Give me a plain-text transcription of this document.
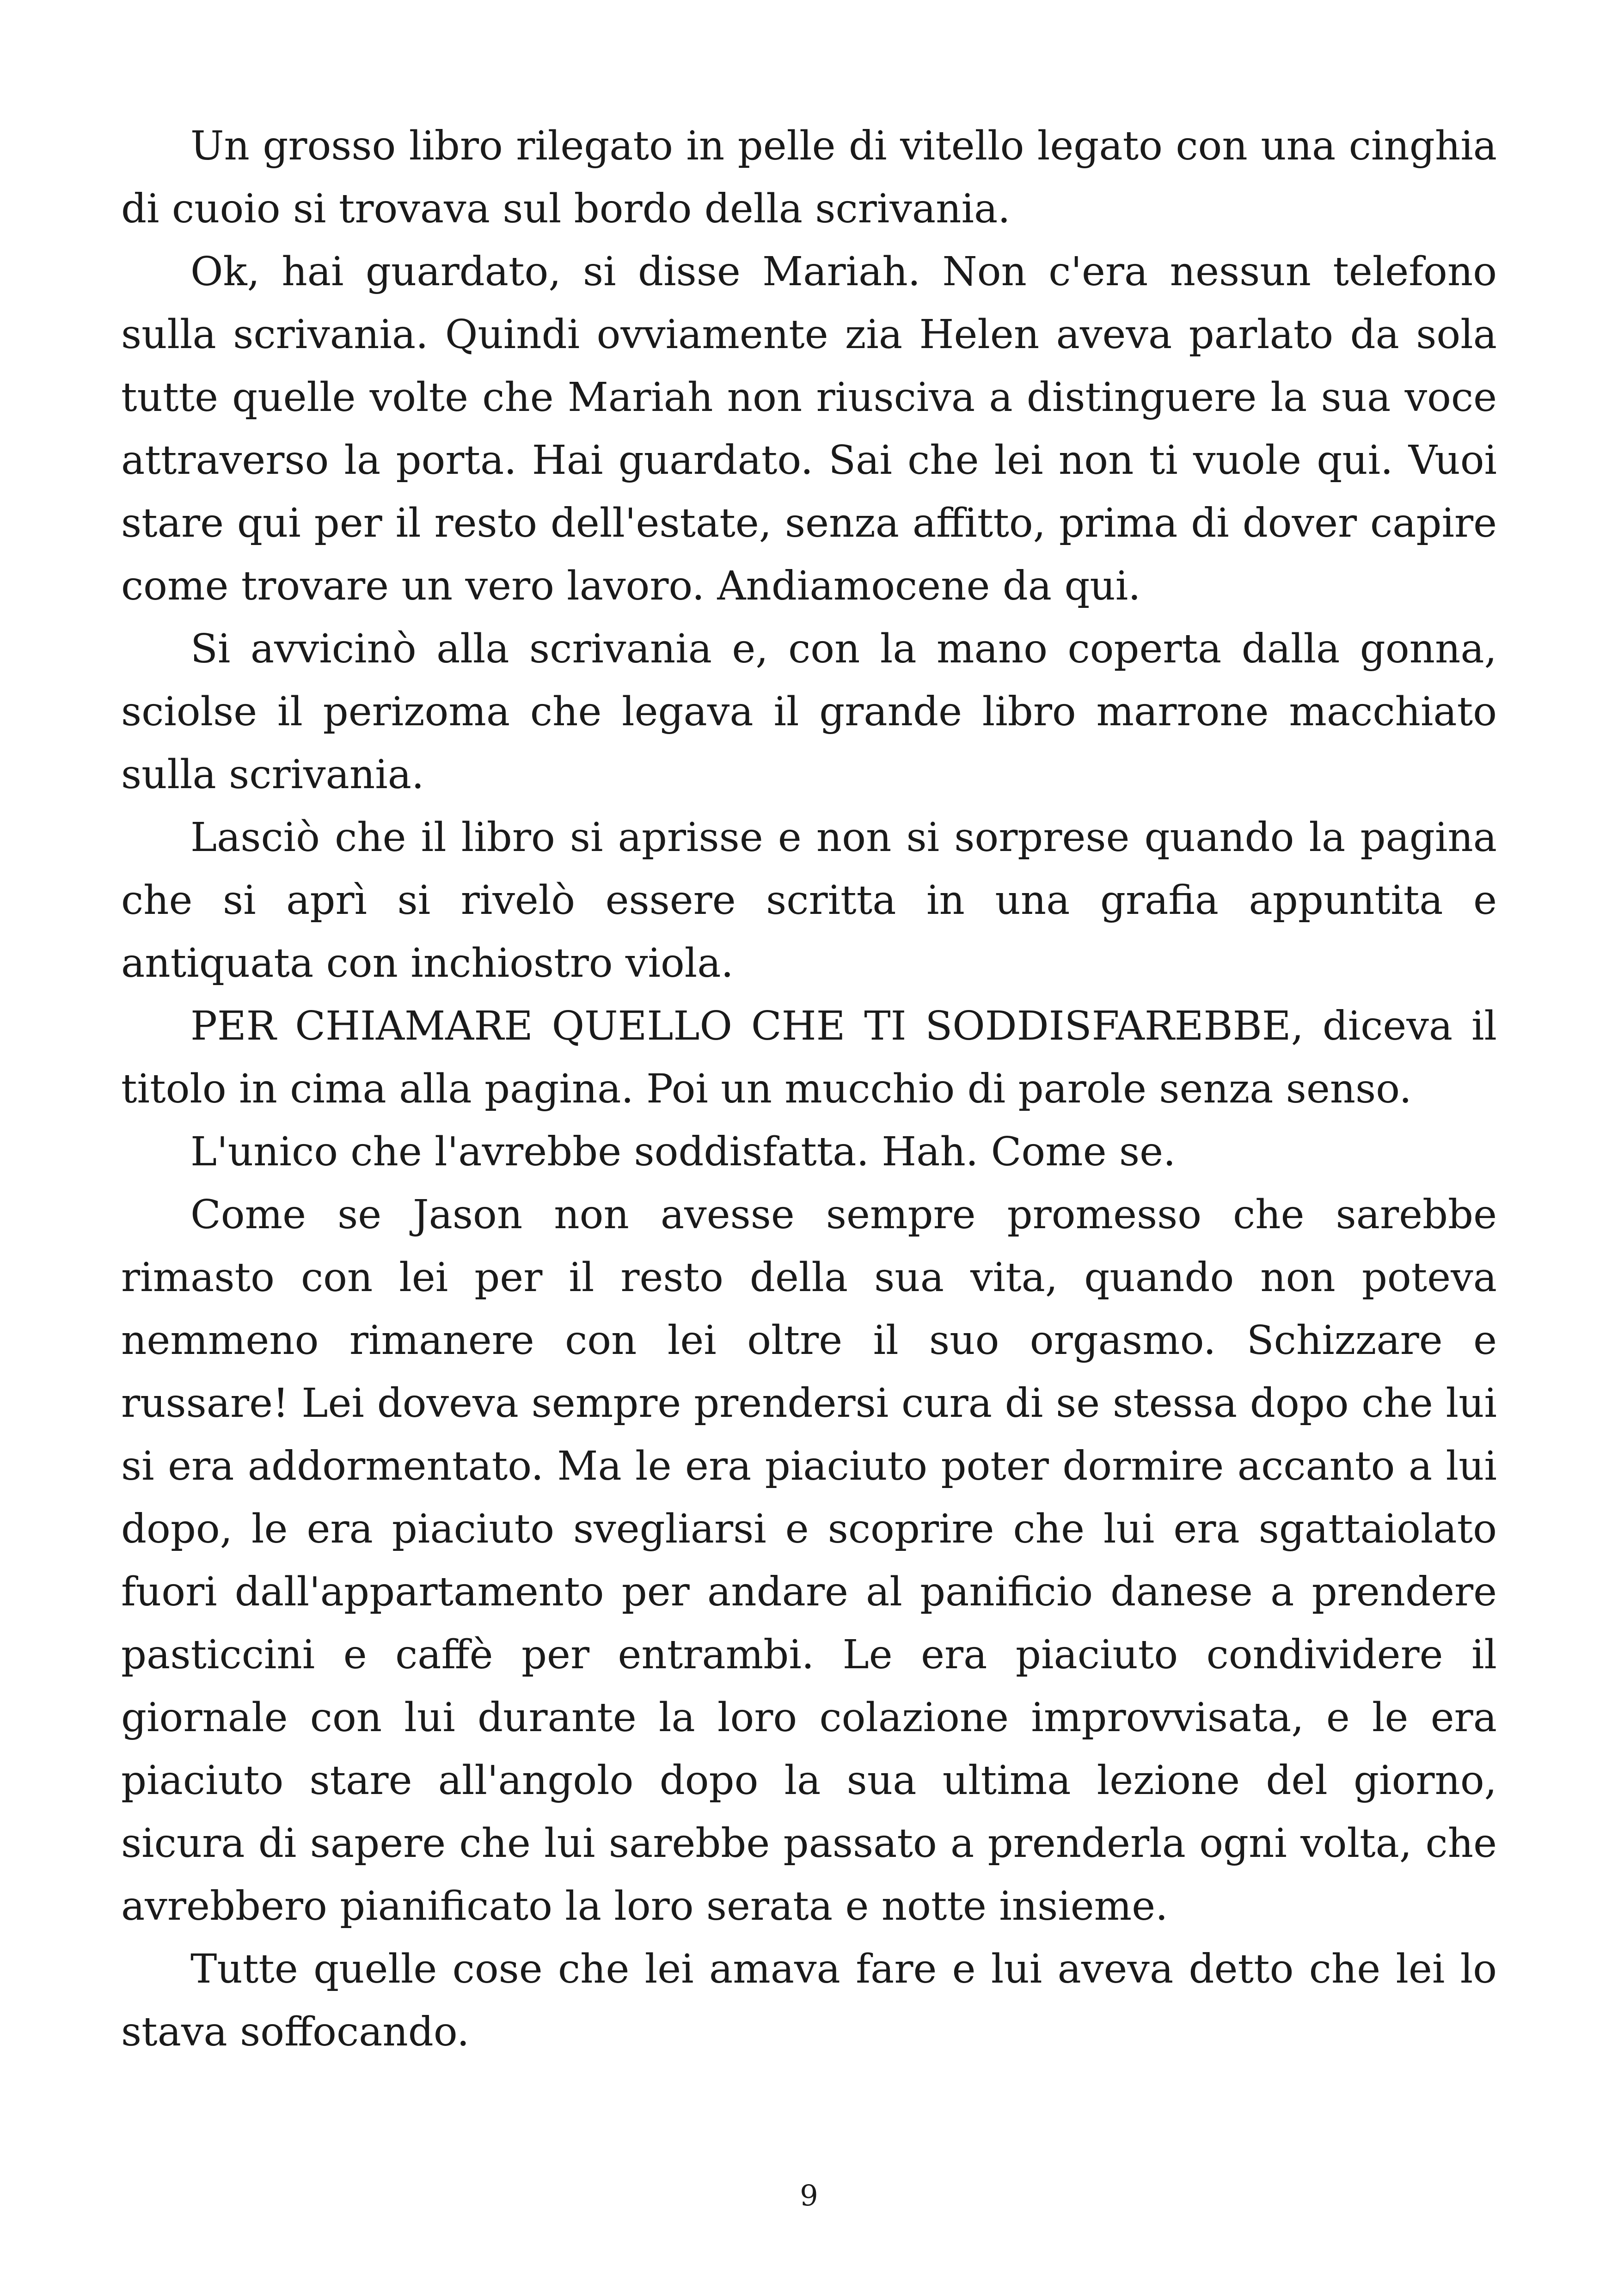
Un grosso libro rilegato in pelle di vitello legato con una cinghia di cuoio si trovava sul bordo della scrivania.

Ok, hai guardato, si disse Mariah. Non c'era nessun telefono sulla scrivania. Quindi ovviamente zia Helen aveva parlato da sola tutte quelle volte che Mariah non riusciva a distinguere la sua voce attraverso la porta. Hai guardato. Sai che lei non ti vuole qui. Vuoi stare qui per il resto dell'estate, senza affitto, prima di dover capire come trovare un vero lavoro. Andiamocene da qui.

Si avvicinò alla scrivania e, con la mano coperta dalla gonna, sciolse il perizoma che legava il grande libro marrone macchiato sulla scrivania.

Lasciò che il libro si aprisse e non si sorprese quando la pagina che si aprì si rivelò essere scritta in una grafia appuntita e antiquata con inchiostro viola.

PER CHIAMARE QUELLO CHE TI SODDISFAREBBE, diceva il titolo in cima alla pagina. Poi un mucchio di parole senza senso.

L'unico che l'avrebbe soddisfatta. Hah. Come se.

Come se Jason non avesse sempre promesso che sarebbe rimasto con lei per il resto della sua vita, quando non poteva nemmeno rimanere con lei oltre il suo orgasmo. Schizzare e russare! Lei doveva sempre prendersi cura di se stessa dopo che lui si era addormentato. Ma le era piaciuto poter dormire accanto a lui dopo, le era piaciuto svegliarsi e scoprire che lui era sgattaiolato fuori dall'appartamento per andare al panificio danese a prendere pasticcini e caffè per entrambi. Le era piaciuto condividere il giornale con lui durante la loro colazione improvvisata, e le era piaciuto stare all'angolo dopo la sua ultima lezione del giorno, sicura di sapere che lui sarebbe passato a prenderla ogni volta, che avrebbero pianificato la loro serata e notte insieme.

Tutte quelle cose che lei amava fare e lui aveva detto che lei lo stava soffocando.

9
